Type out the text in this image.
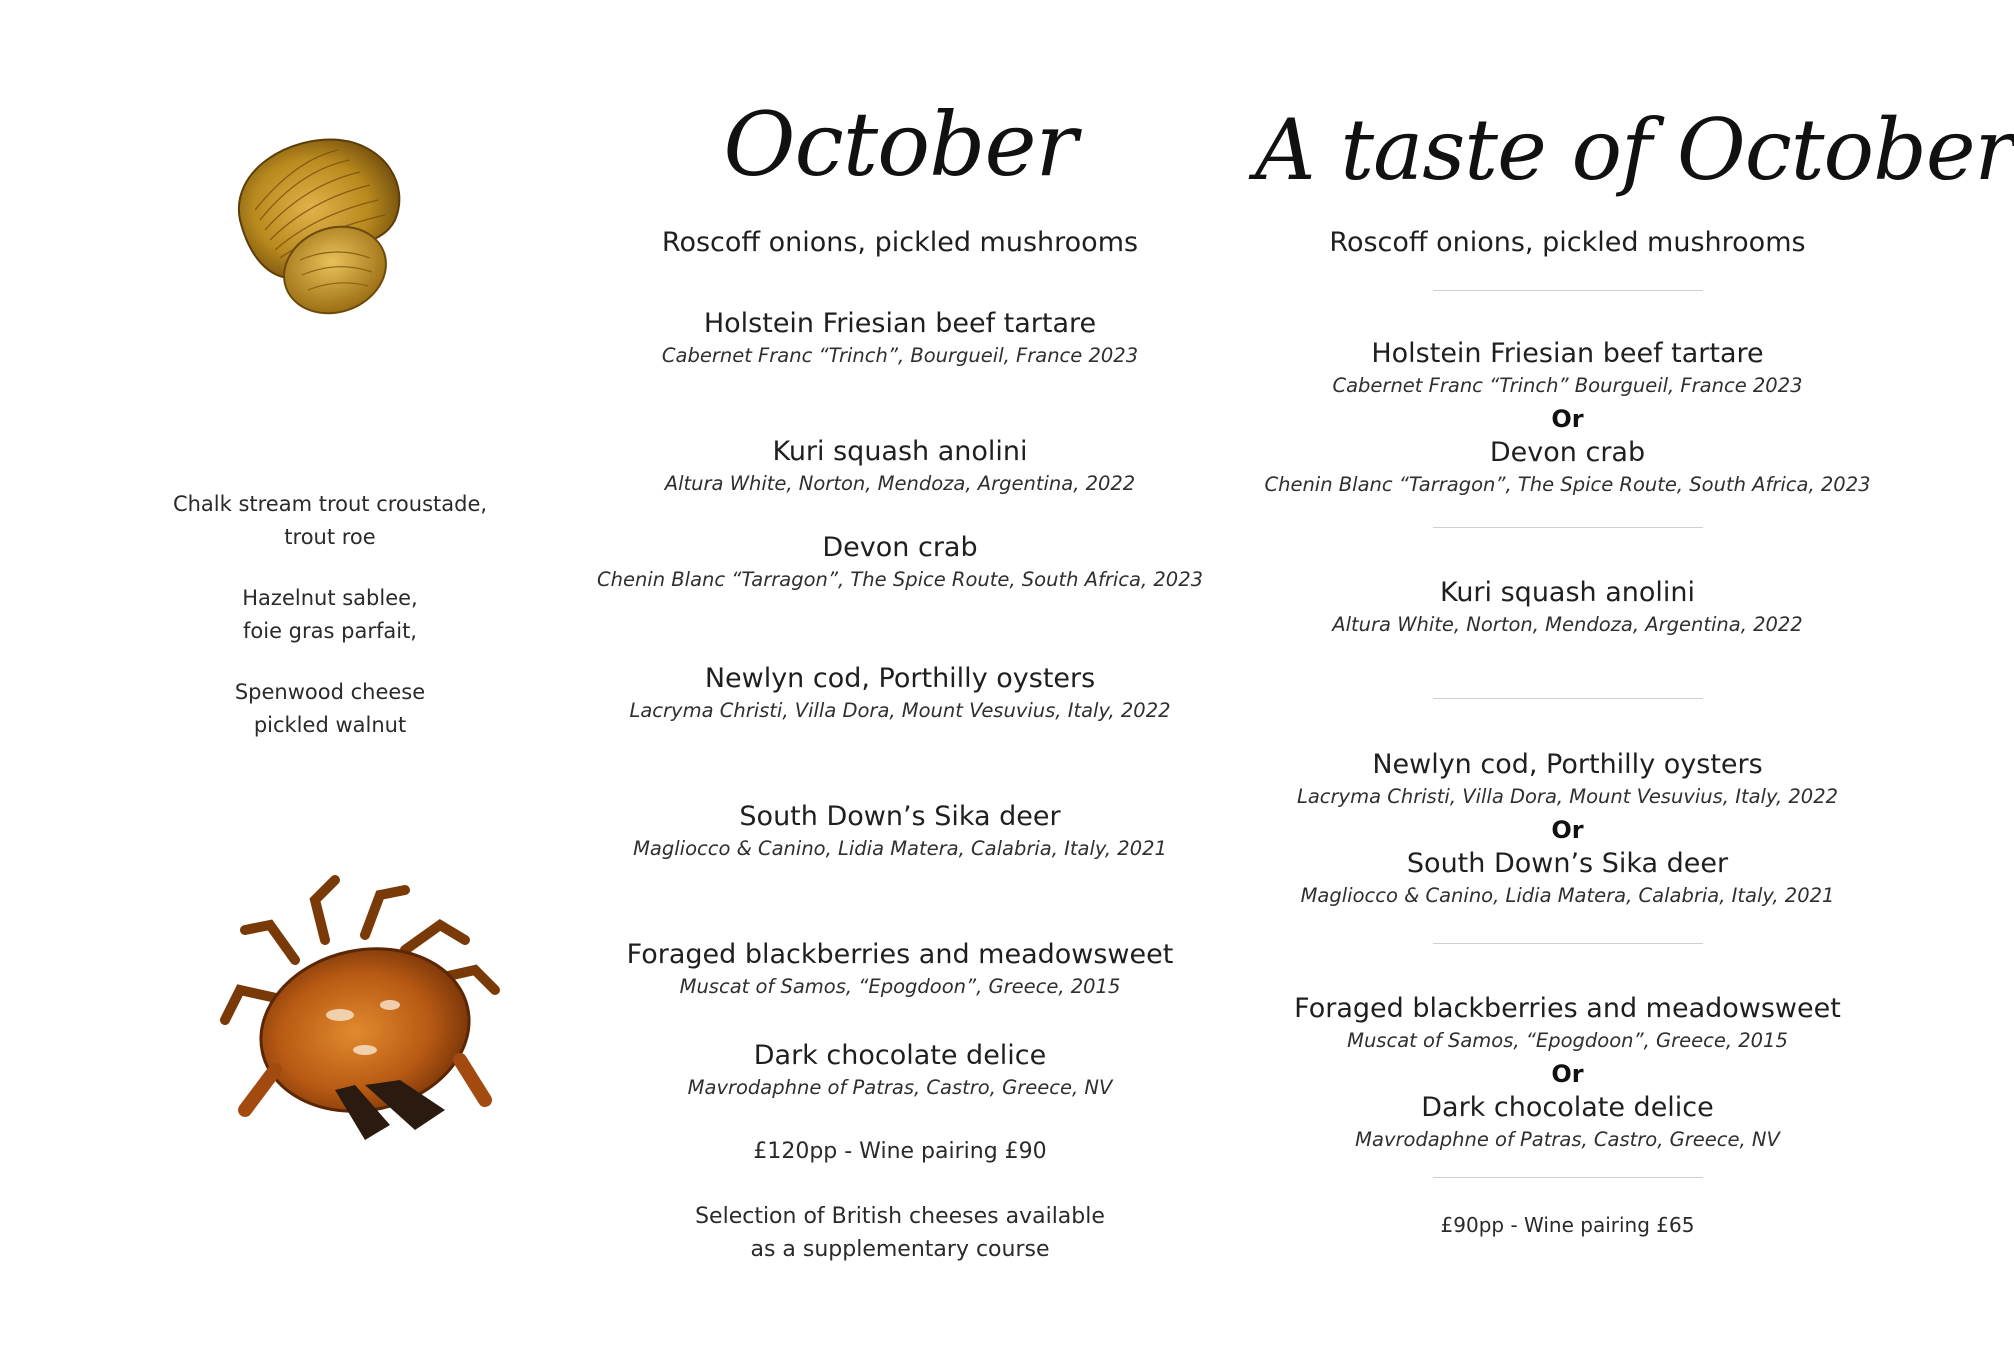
Chalk stream trout croustade,
trout roe

Hazelnut sablee,
foie gras parfait,

Spenwood cheese
pickled walnut

October
Roscoff onions, pickled mushrooms
Holstein Friesian beef tartare
Cabernet Franc “Trinch”, Bourgueil, France 2023
Kuri squash anolini
Altura White, Norton, Mendoza, Argentina, 2022
Devon crab
Chenin Blanc “Tarragon”, The Spice Route, South Africa, 2023
Newlyn cod, Porthilly oysters
Lacryma Christi, Villa Dora, Mount Vesuvius, Italy, 2022
South Down’s Sika deer
Magliocco & Canino, Lidia Matera, Calabria, Italy, 2021
Foraged blackberries and meadowsweet
Muscat of Samos, “Epogdoon”, Greece, 2015
Dark chocolate delice
Mavrodaphne of Patras, Castro, Greece, NV
£120pp - Wine pairing £90
Selection of British cheeses available
as a supplementary course
A taste of October
Roscoff onions, pickled mushrooms
Holstein Friesian beef tartare
Cabernet Franc “Trinch” Bourgueil, France 2023
Or
Devon crab
Chenin Blanc “Tarragon”, The Spice Route, South Africa, 2023
Kuri squash anolini
Altura White, Norton, Mendoza, Argentina, 2022
Newlyn cod, Porthilly oysters
Lacryma Christi, Villa Dora, Mount Vesuvius, Italy, 2022
Or
South Down’s Sika deer
Magliocco & Canino, Lidia Matera, Calabria, Italy, 2021
Foraged blackberries and meadowsweet
Muscat of Samos, “Epogdoon”, Greece, 2015
Or
Dark chocolate delice
Mavrodaphne of Patras, Castro, Greece, NV
£90pp - Wine pairing £65
